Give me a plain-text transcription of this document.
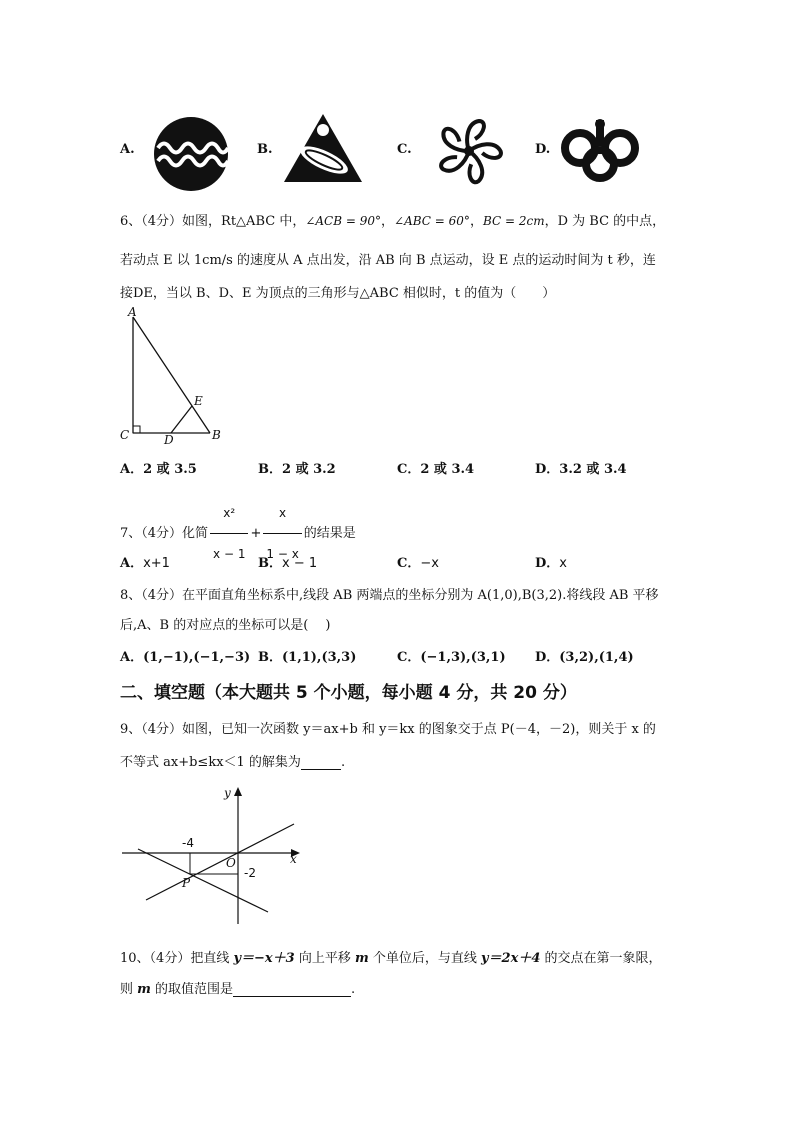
A.	B.	C.	D.
6、（4分）如图，Rt△ABC 中，∠ACB = 90°，∠ABC = 60°，BC = 2cm，D 为 BC 的中点，
若动点 E 以 1cm/s 的速度从 A 点出发，沿 AB 向 B 点运动，设 E 点的运动时间为 t 秒，连
接DE，当以 B、D、E 为顶点的三角形与△ABC 相似时，t 的值为（　　）
A
C	D	B
E
A．2 或 3.5	B．2 或 3.2	C．2 或 3.4	D．3.2 或 3.4
7、（4分）化简 $\frac{\text{x²}}{x - 1} + \frac{x}{1 - x}$ 的结果是
A．x+1	B．x − 1	C．−x	D．x
8、（4分）在平面直角坐标系中,线段 AB 两端点的坐标分别为 A(1,0),B(3,2).将线段 AB 平移
后,A、B 的对应点的坐标可以是(　 )
A．(1,−1),(−1,−3) B．(1,1),(3,3)	C．(−1,3),(3,1) D．(3,2),(1,4)
二、填空题（本大题共 5 个小题，每小题 4 分，共 20 分）
9、（4分）如图，已知一次函数 y＝ax+b 和 y＝kx 的图象交于点 P(－4，－2)，则关于 x 的
不等式 ax+b≤kx＜1 的解集为	.
y
x
O
P
-4
-2
10、（4分）把直线 y＝−x＋3 向上平移 m 个单位后，与直线 y＝2x＋4 的交点在第一象限，
则 m 的取值范围是	.
